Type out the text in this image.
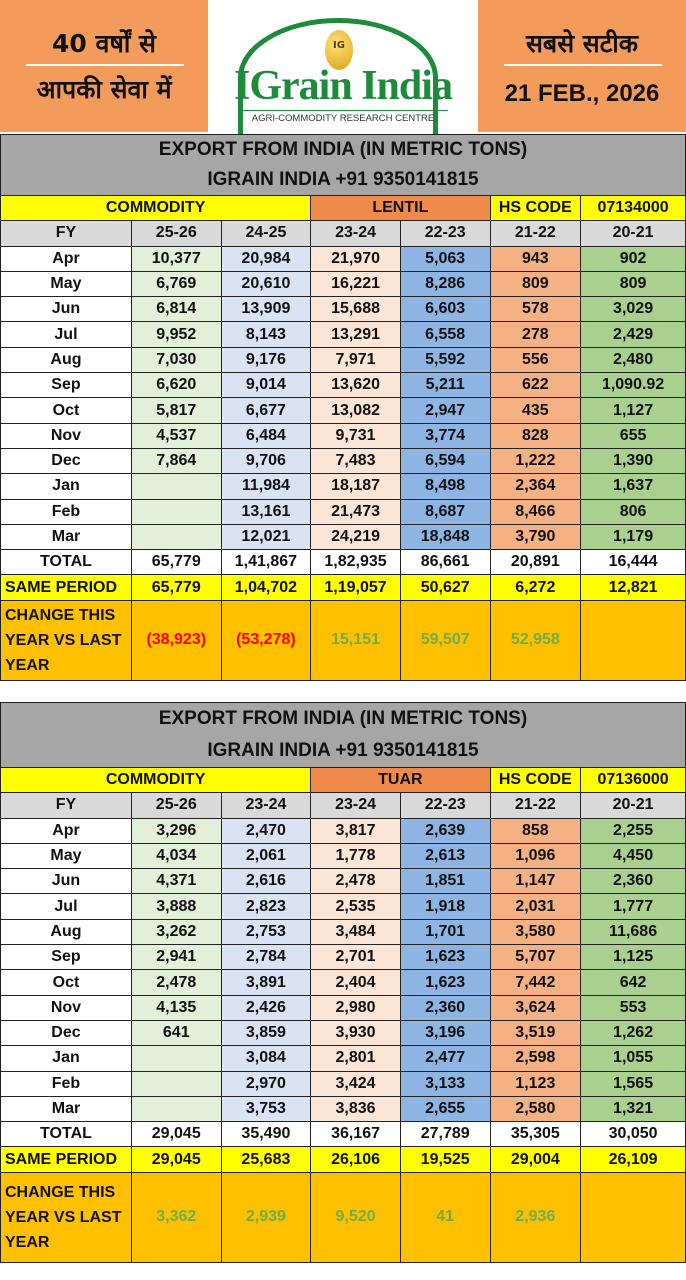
40 वर्षों से
आपकी सेवा में
IG
IGrain India
AGRI-COMMODITY RESEARCH CENTRE
सबसे सटीक
21 FEB., 2026
EXPORT FROM INDIA (IN METRIC TONS)
IGRAIN INDIA +91 9350141815						

COMMODITY			LENTIL		HS CODE	07134000
FY	25-26	24-25	23-24	22-23	21-22	20-21
Apr	10,377	20,984	21,970	5,063	943	902
May	6,769	20,610	16,221	8,286	809	809
Jun	6,814	13,909	15,688	6,603	578	3,029
Jul	9,952	8,143	13,291	6,558	278	2,429
Aug	7,030	9,176	7,971	5,592	556	2,480
Sep	6,620	9,014	13,620	5,211	622	1,090.92
Oct	5,817	6,677	13,082	2,947	435	1,127
Nov	4,537	6,484	9,731	3,774	828	655
Dec	7,864	9,706	7,483	6,594	1,222	1,390
Jan		11,984	18,187	8,498	2,364	1,637
Feb		13,161	21,473	8,687	8,466	806
Mar		12,021	24,219	18,848	3,790	1,179
TOTAL	65,779	1,41,867	1,82,935	86,661	20,891	16,444
SAME PERIOD	65,779	1,04,702	1,19,057	50,627	6,272	12,821
CHANGE THIS YEAR VS LAST YEAR	(38,923)	(53,278)	15,151	59,507	52,958	
EXPORT FROM INDIA (IN METRIC TONS)
IGRAIN INDIA +91 9350141815						

COMMODITY			TUAR		HS CODE	07136000
FY	25-26	23-24	23-24	22-23	21-22	20-21
Apr	3,296	2,470	3,817	2,639	858	2,255
May	4,034	2,061	1,778	2,613	1,096	4,450
Jun	4,371	2,616	2,478	1,851	1,147	2,360
Jul	3,888	2,823	2,535	1,918	2,031	1,777
Aug	3,262	2,753	3,484	1,701	3,580	11,686
Sep	2,941	2,784	2,701	1,623	5,707	1,125
Oct	2,478	3,891	2,404	1,623	7,442	642
Nov	4,135	2,426	2,980	2,360	3,624	553
Dec	641	3,859	3,930	3,196	3,519	1,262
Jan		3,084	2,801	2,477	2,598	1,055
Feb		2,970	3,424	3,133	1,123	1,565
Mar		3,753	3,836	2,655	2,580	1,321
TOTAL	29,045	35,490	36,167	27,789	35,305	30,050
SAME PERIOD	29,045	25,683	26,106	19,525	29,004	26,109
CHANGE THIS YEAR VS LAST YEAR	3,362	2,939	9,520	41	2,936	
